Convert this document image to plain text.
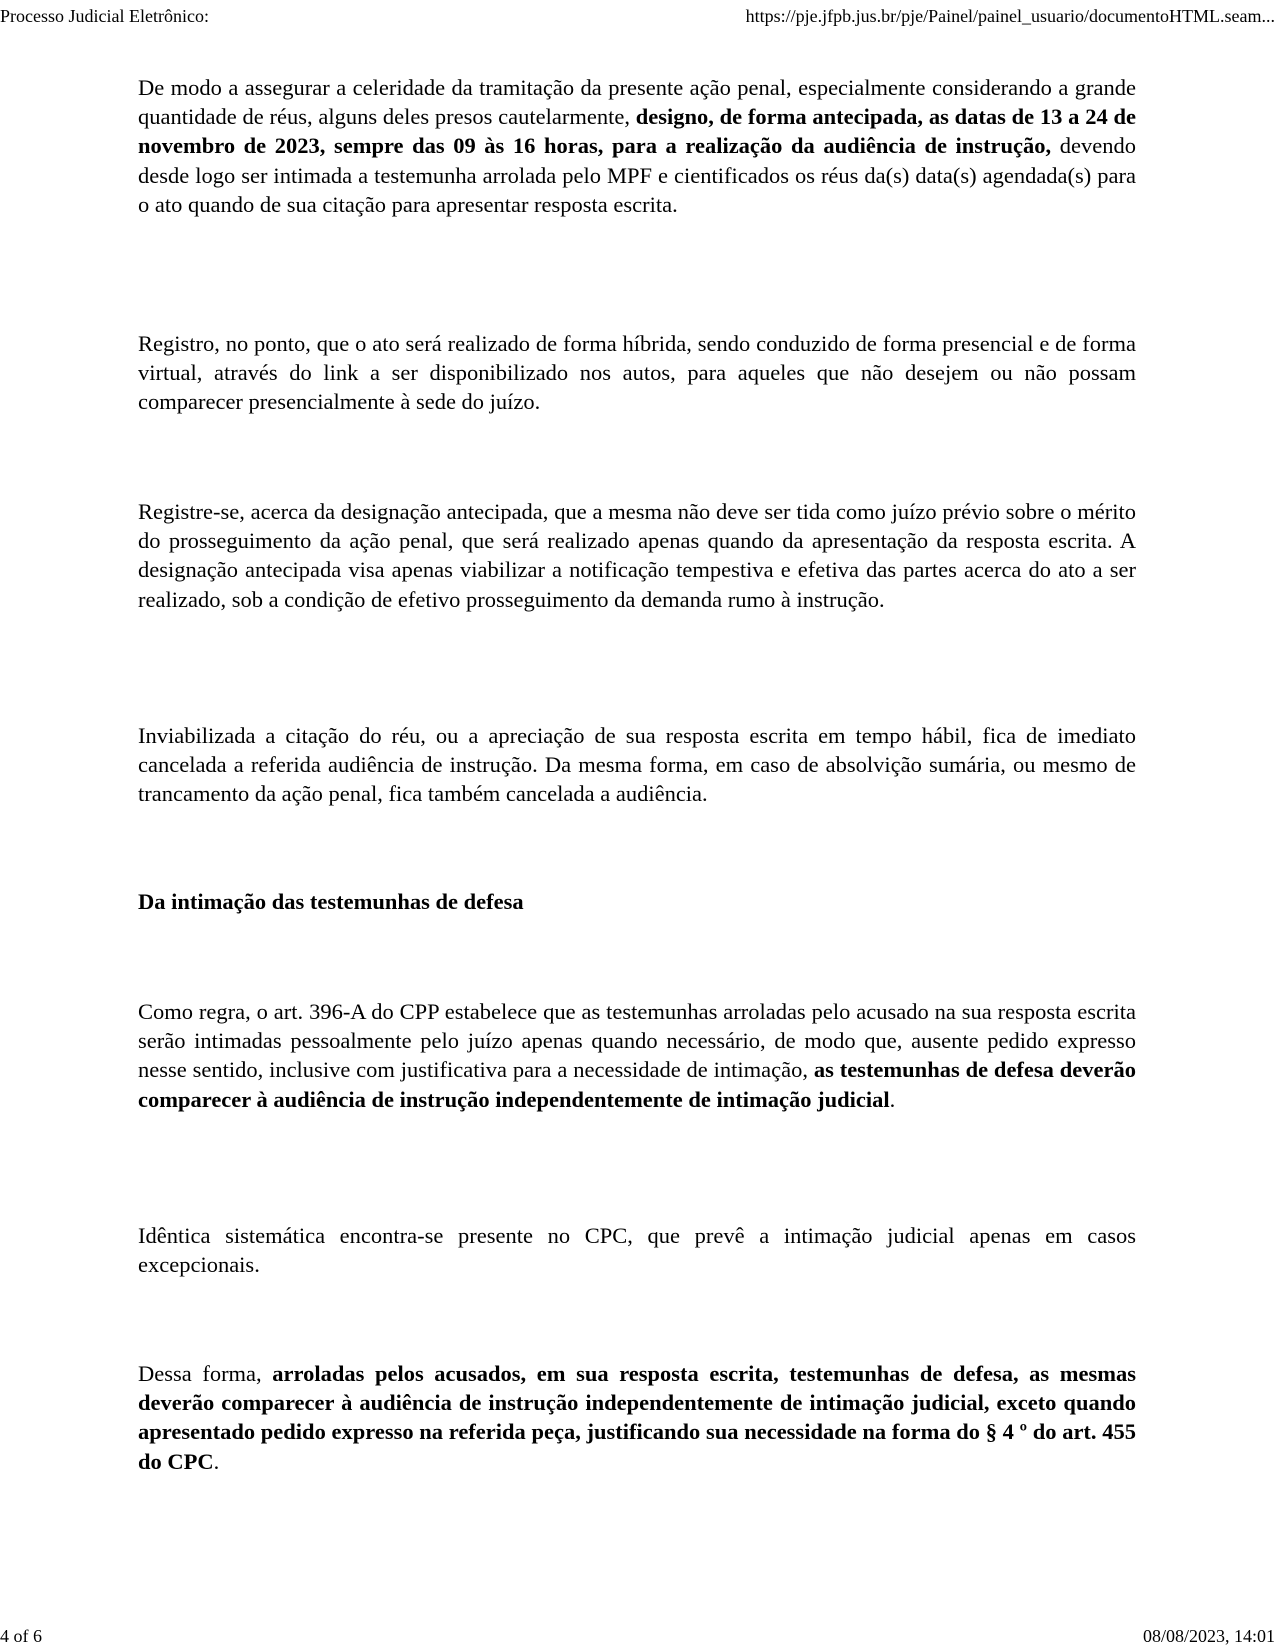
Processo Judicial Eletrônico:	https://pje.jfpb.jus.br/pje/Painel/painel_usuario/documentoHTML.seam...

De modo a assegurar a celeridade da tramitação da presente ação penal, especialmente considerando a grande quantidade de réus, alguns deles presos cautelarmente, designo, de forma antecipada, as datas de 13 a 24 de novembro de 2023, sempre das 09 às 16 horas, para a realização da audiência de instrução, devendo desde logo ser intimada a testemunha arrolada pelo MPF e cientificados os réus da(s) data(s) agendada(s) para o ato quando de sua citação para apresentar resposta escrita.

Registro, no ponto, que o ato será realizado de forma híbrida, sendo conduzido de forma presencial e de forma virtual, através do link a ser disponibilizado nos autos, para aqueles que não desejem ou não possam comparecer presencialmente à sede do juízo.

Registre-se, acerca da designação antecipada, que a mesma não deve ser tida como juízo prévio sobre o mérito do prosseguimento da ação penal, que será realizado apenas quando da apresentação da resposta escrita. A designação antecipada visa apenas viabilizar a notificação tempestiva e efetiva das partes acerca do ato a ser realizado, sob a condição de efetivo prosseguimento da demanda rumo à instrução.

Inviabilizada a citação do réu, ou a apreciação de sua resposta escrita em tempo hábil, fica de imediato cancelada a referida audiência de instrução. Da mesma forma, em caso de absolvição sumária, ou mesmo de trancamento da ação penal, fica também cancelada a audiência.

Da intimação das testemunhas de defesa

Como regra, o art. 396-A do CPP estabelece que as testemunhas arroladas pelo acusado na sua resposta escrita serão intimadas pessoalmente pelo juízo apenas quando necessário, de modo que, ausente pedido expresso nesse sentido, inclusive com justificativa para a necessidade de intimação, as testemunhas de defesa deverão comparecer à audiência de instrução independentemente de intimação judicial.

Idêntica sistemática encontra-se presente no CPC, que prevê a intimação judicial apenas em casos excepcionais.

Dessa forma, arroladas pelos acusados, em sua resposta escrita, testemunhas de defesa, as mesmas deverão comparecer à audiência de instrução independentemente de intimação judicial, exceto quando apresentado pedido expresso na referida peça, justificando sua necessidade na forma do § 4 º do art. 455 do CPC.

4 of 6	08/08/2023, 14:01
